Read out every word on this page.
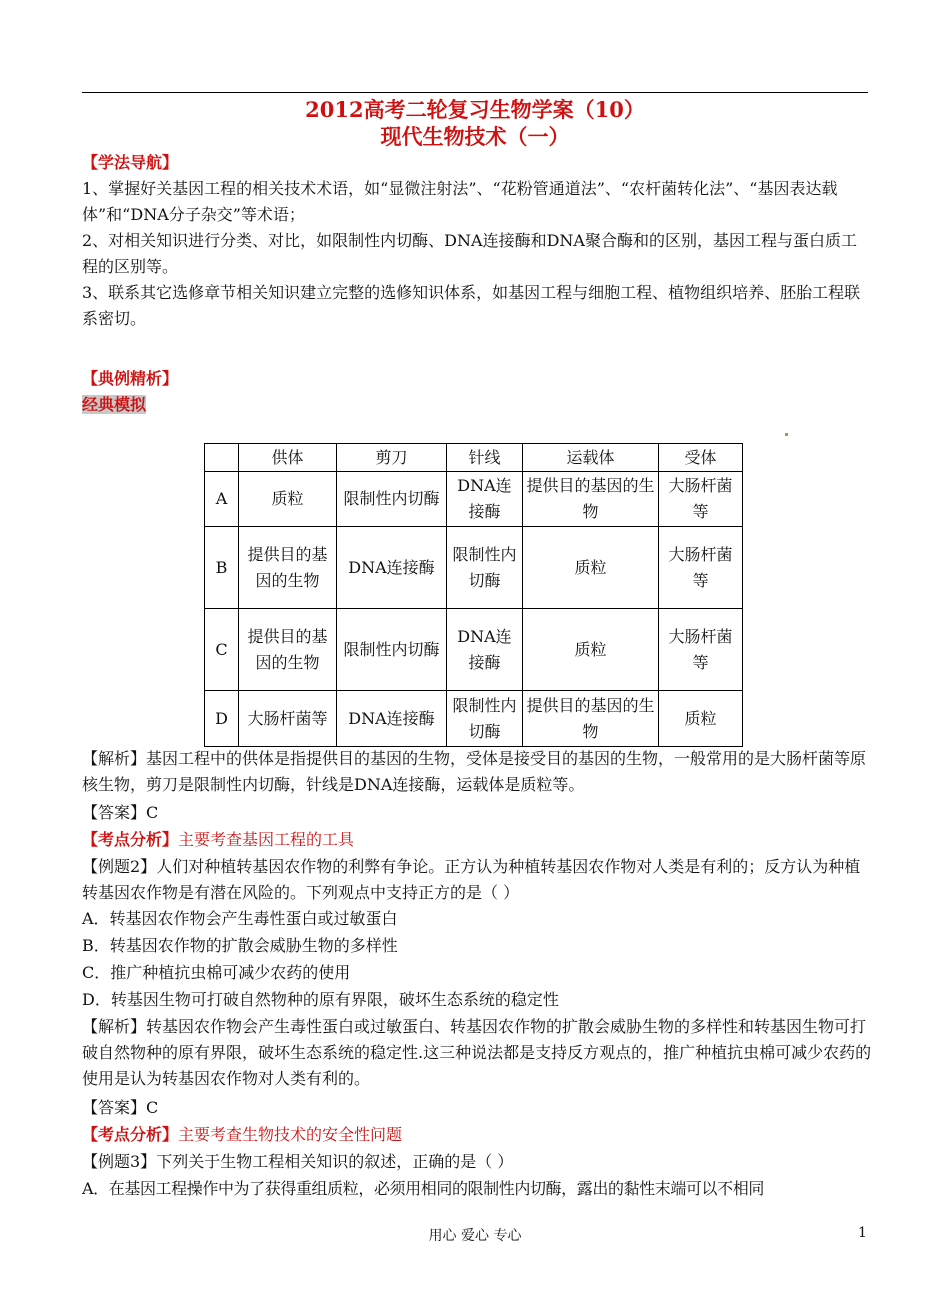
2012高考二轮复习生物学案（10）
现代生物技术（一）
【学法导航】
1、掌握好关基因工程的相关技术术语，如“显微注射法”、“花粉管通道法”、“农杆菌转化法”、“基因表达载体”和“DNA分子杂交”等术语；
2、对相关知识进行分类、对比，如限制性内切酶、DNA连接酶和DNA聚合酶和的区别，基因工程与蛋白质工程的区别等。
3、联系其它选修章节相关知识建立完整的选修知识体系，如基因工程与细胞工程、植物组织培养、胚胎工程联系密切。
【典例精析】
经典模拟
	供体	剪刀	针线	运载体	受体
A	质粒	限制性内切酶	DNA连接酶	提供目的基因的生物	大肠杆菌等
B	提供目的基因的生物	DNA连接酶	限制性内切酶	质粒	大肠杆菌等
C	提供目的基因的生物	限制性内切酶	DNA连接酶	质粒	大肠杆菌等
D	大肠杆菌等	DNA连接酶	限制性内切酶	提供目的基因的生物	质粒
【解析】基因工程中的供体是指提供目的基因的生物，受体是接受目的基因的生物，一般常用的是大肠杆菌等原核生物，剪刀是限制性内切酶，针线是DNA连接酶，运载体是质粒等。
【答案】C
【考点分析】主要考查基因工程的工具
【例题2】人们对种植转基因农作物的利弊有争论。正方认为种植转基因农作物对人类是有利的；反方认为种植转基因农作物是有潜在风险的。下列观点中支持正方的是（ ）
A．转基因农作物会产生毒性蛋白或过敏蛋白
B．转基因农作物的扩散会威胁生物的多样性
C．推广种植抗虫棉可减少农药的使用
D．转基因生物可打破自然物种的原有界限，破坏生态系统的稳定性
【解析】转基因农作物会产生毒性蛋白或过敏蛋白、转基因农作物的扩散会威胁生物的多样性和转基因生物可打破自然物种的原有界限，破坏生态系统的稳定性.这三种说法都是支持反方观点的，推广种植抗虫棉可减少农药的使用是认为转基因农作物对人类有利的。
【答案】C
【考点分析】主要考查生物技术的安全性问题
【例题3】下列关于生物工程相关知识的叙述，正确的是（ ）
A．在基因工程操作中为了获得重组质粒，必须用相同的限制性内切酶，露出的黏性末端可以不相同
用心 爱心 专心	1
